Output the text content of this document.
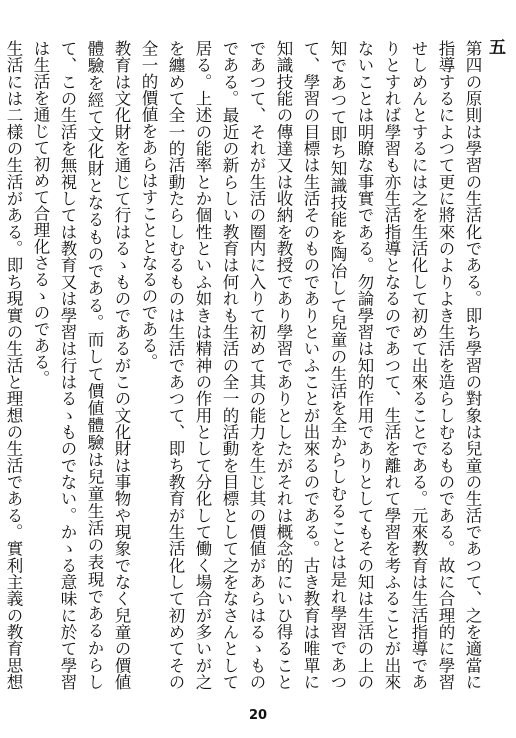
五

第四の原則は學習の生活化である。即ち學習の對象は兒童の生活であつて、之を適當に指導するによつて更に將來のよりよき生活を造らしむるものである。故に合理的に學習せしめんとするには之を生活化して初めて出來ることである。元來教育は生活指導でありとすれば學習も亦生活指導となるのであつて、生活を離れて學習を考ふることが出來ないことは明瞭な事實である。勿論學習は知的作用でありとしてもその知は生活の上の知であつて即ち知識技能を陶冶して兒童の生活を全からしむることは是れ學習であつて、學習の目標は生活そのものでありといふことが出來るのである。古き教育は唯單に知識技能の傳達又は收納を教授であり學習でありとしたがそれは概念的にいひ得ることであつて、それが生活の圈内に入りて初めて其の能力を生じ其の價値があらはるゝものである。最近の新らしい教育は何れも生活の全一的活動を目標として之をなさんとして居る。上述の能率とか個性といふ如きは精神の作用として分化して働く場合が多いが之を纏めて全一的活動たらしむるものは生活であつて、即ち教育が生活化して初めてその全一的價値をあらはすこととなるのである。

教育は文化財を通じて行はるゝものであるがこの文化財は事物や現象でなく兒童の價値體驗を經て文化財となるものである。而して價値體驗は兒童生活の表現であるからして、この生活を無視しては教育又は學習は行はるゝものでない。かゝる意味に於て學習は生活を通じて初めて合理化さるゝのである。

生活には二樣の生活がある。即ち現實の生活と理想の生活である。實利主義の教育思想

20
